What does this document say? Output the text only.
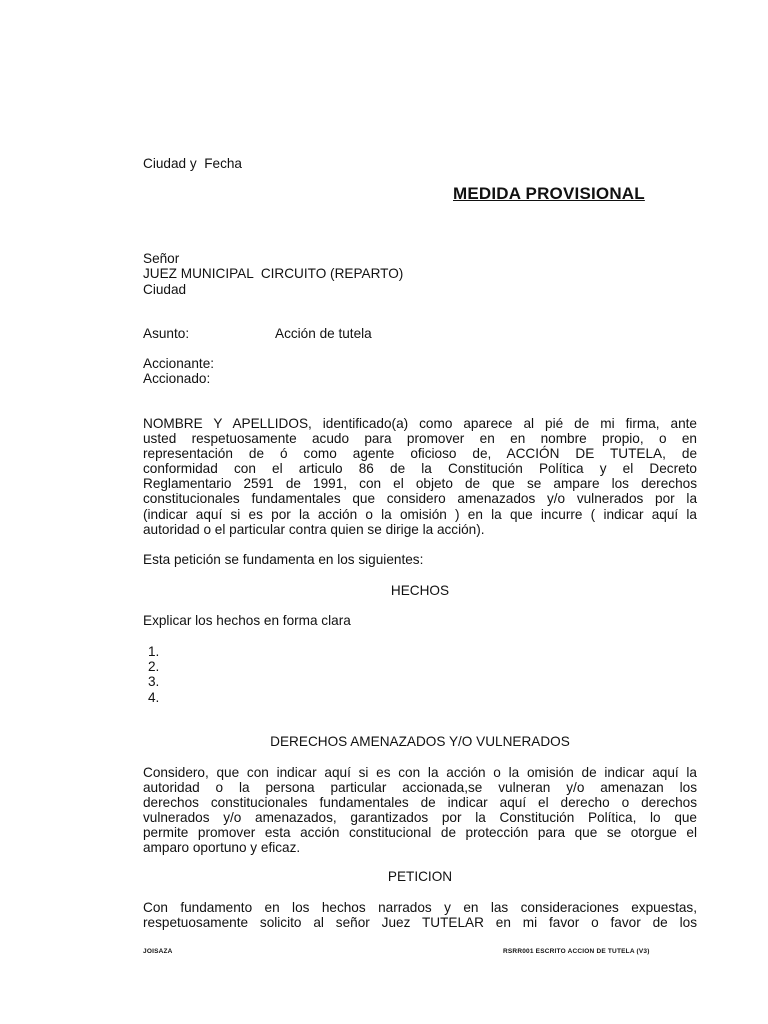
Ciudad y  Fecha
MEDIDA PROVISIONAL
Señor
JUEZ MUNICIPAL  CIRCUITO (REPARTO)
Ciudad
Asunto:	Acción de tutela
Accionante:
Accionado:
NOMBRE Y APELLIDOS, identificado(a) como aparece al pié de mi firma, ante
usted respetuosamente acudo para promover en en nombre propio, o en
representación de ó como agente oficioso de, ACCIÓN DE TUTELA, de
conformidad con el articulo 86 de la Constitución Política y el Decreto
Reglamentario 2591 de 1991, con el objeto de que se ampare los derechos
constitucionales fundamentales que considero amenazados y/o vulnerados por la
(indicar aquí si es por la acción o la omisión ) en la que incurre ( indicar aquí la
autoridad o el particular contra quien se dirige la acción).
Esta petición se fundamenta en los siguientes:
HECHOS
Explicar los hechos en forma clara
1.
2.
3.
4.
DERECHOS AMENAZADOS Y/O VULNERADOS
Considero, que con indicar aquí si es con la acción o la omisión de indicar aquí la
autoridad o la persona particular accionada,se vulneran y/o amenazan los
derechos constitucionales fundamentales de indicar aquí el derecho o derechos
vulnerados y/o amenazados, garantizados por la Constitución Política, lo que
permite promover esta acción constitucional de protección para que se otorgue el
amparo oportuno y eficaz.
PETICION
Con fundamento en los hechos narrados y en las consideraciones expuestas,
respetuosamente solicito al señor Juez TUTELAR en mi favor o favor de los
JOISAZA	RSRR001 ESCRITO ACCION DE TUTELA (V3)
